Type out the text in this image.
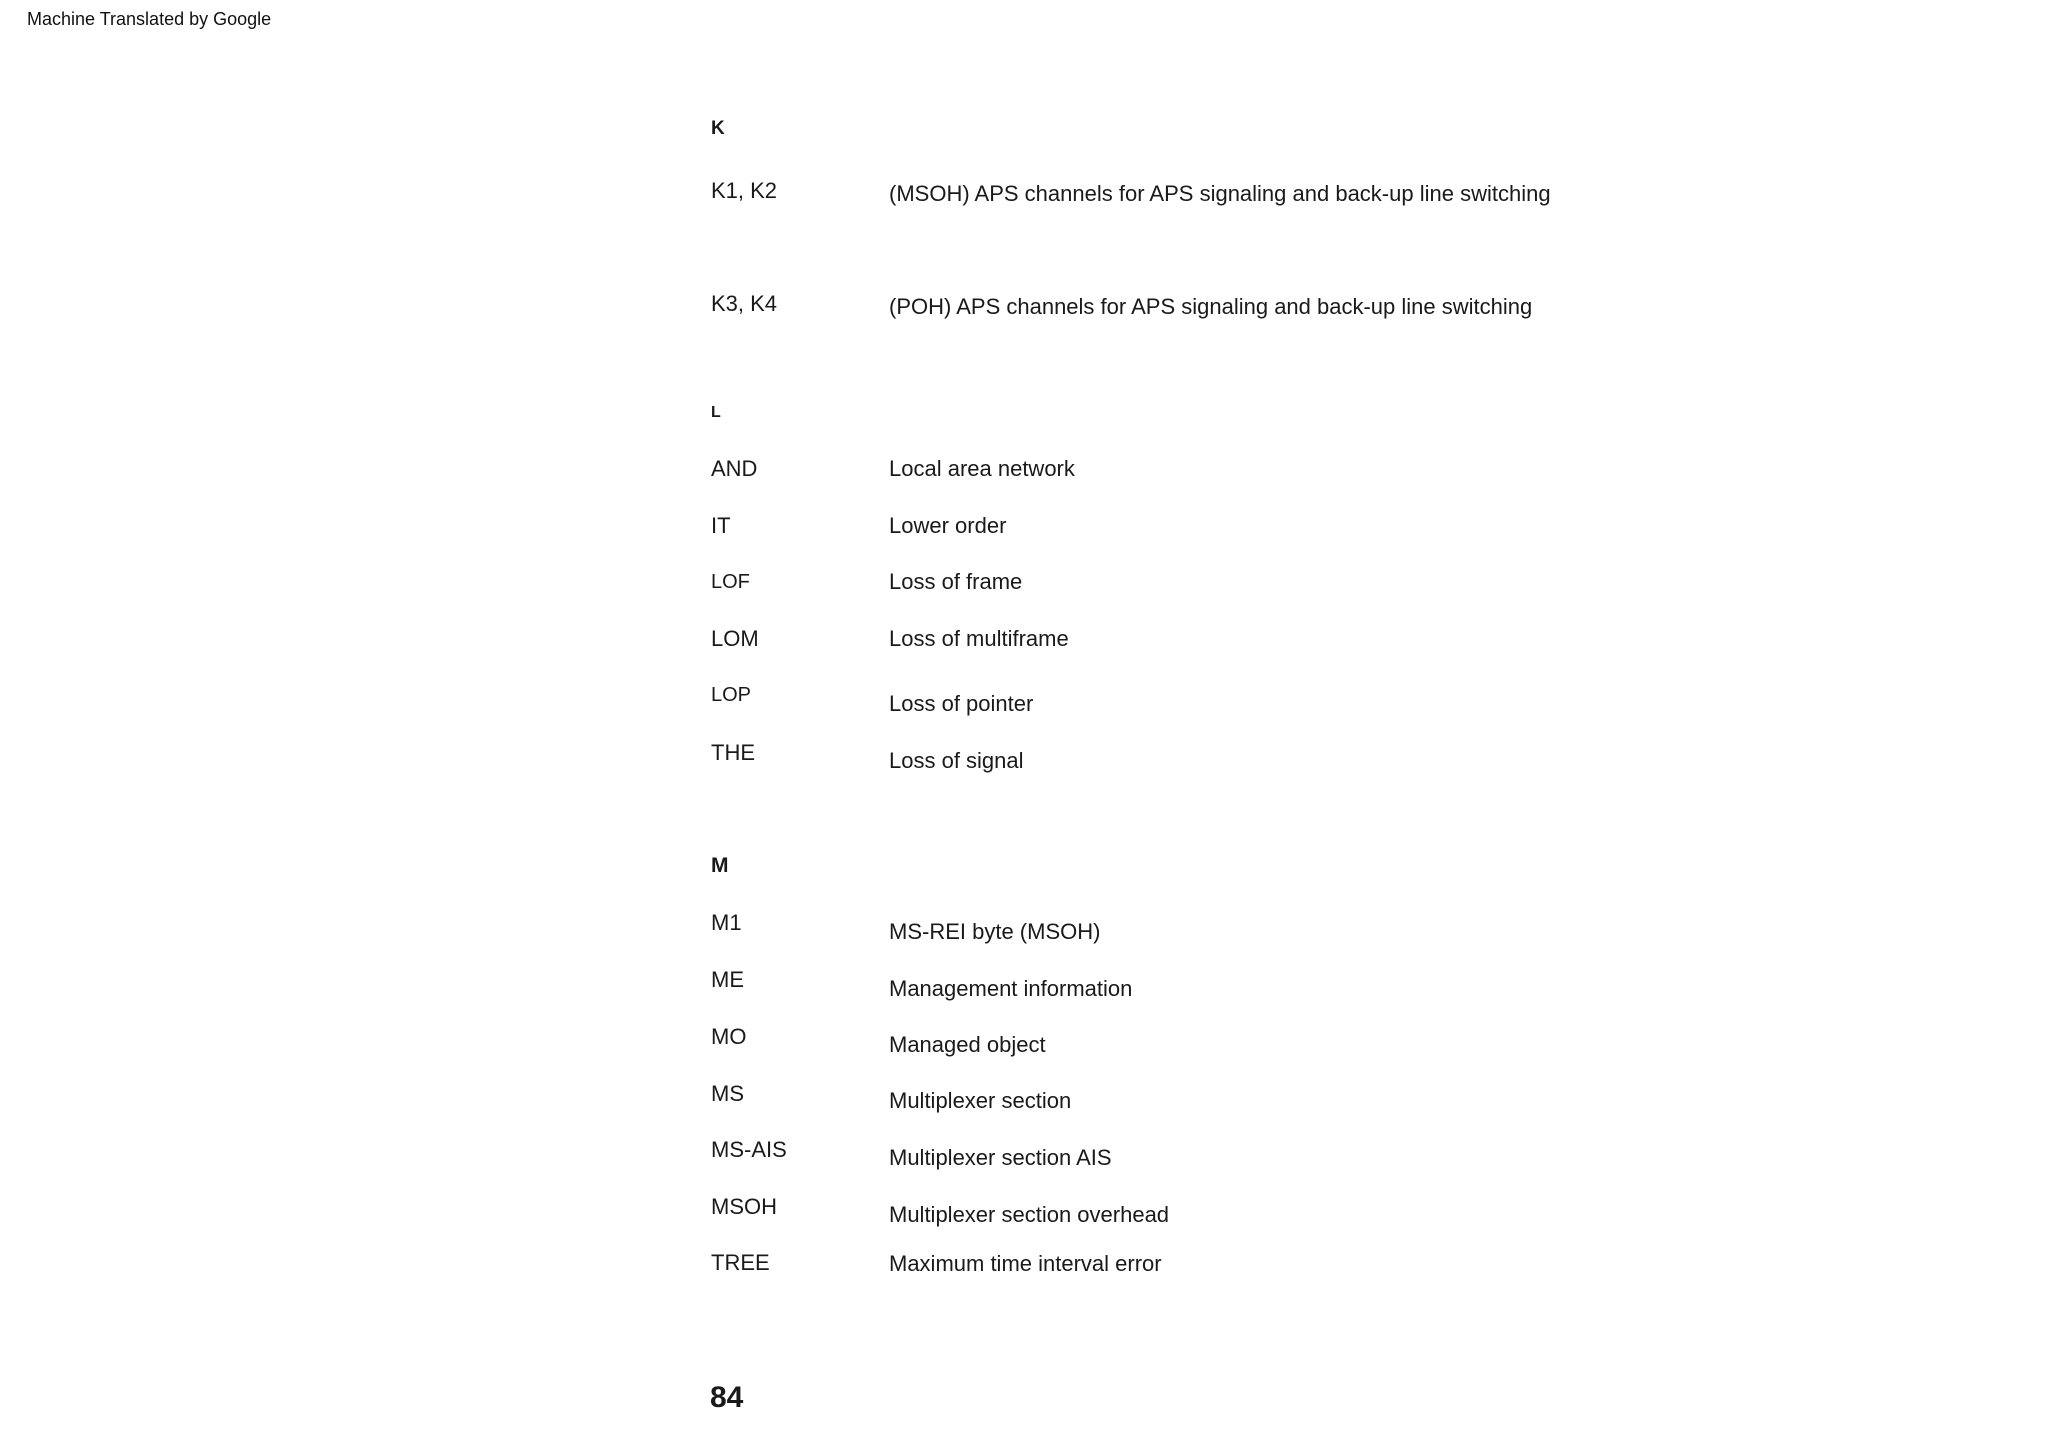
Machine Translated by Google
K
K1, K2	(MSOH) APS channels for APS signaling and back-up line switching
K3, K4	(POH) APS channels for APS signaling and back-up line switching
L
AND	Local area network
IT	Lower order
LOF	Loss of frame
LOM	Loss of multiframe
LOP	Loss of pointer
THE	Loss of signal
M
M1	MS-REI byte (MSOH)
ME	Management information
MO	Managed object
MS	Multiplexer section
MS-AIS	Multiplexer section AIS
MSOH	Multiplexer section overhead
TREE	Maximum time interval error
84
